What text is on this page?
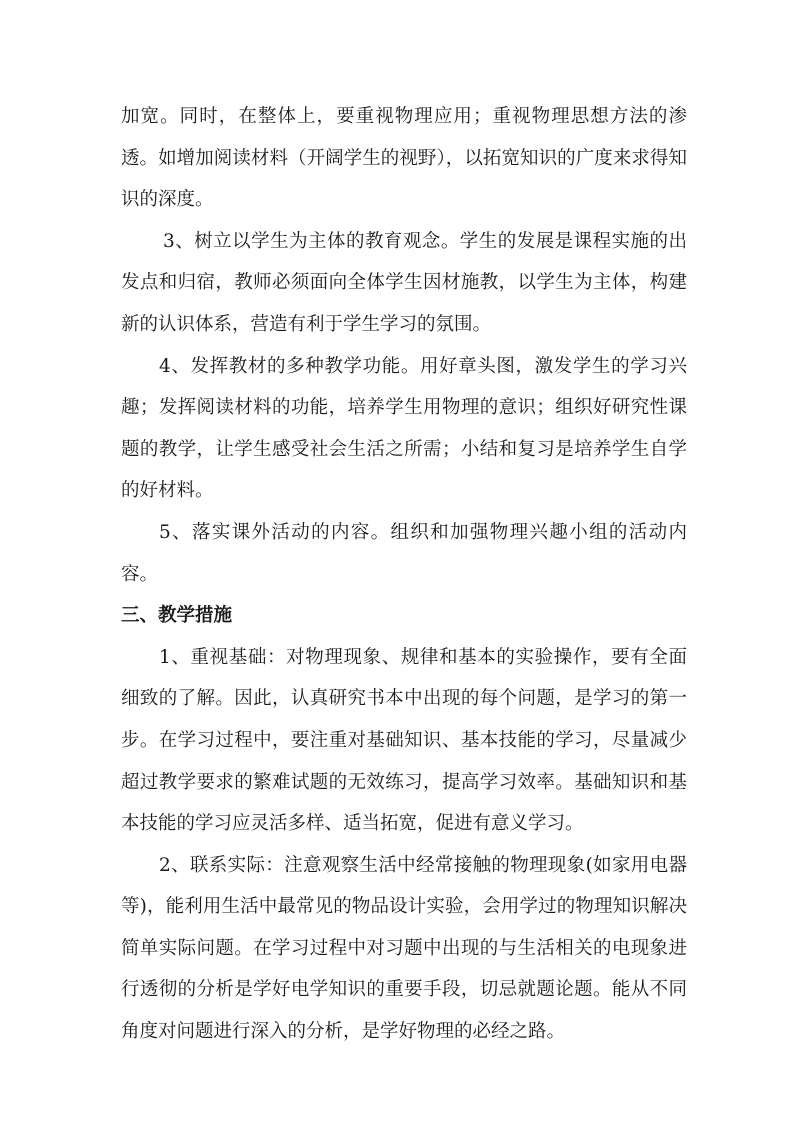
加宽。同时，在整体上，要重视物理应用；重视物理思想方法的渗透。如增加阅读材料（开阔学生的视野），以拓宽知识的广度来求得知识的深度。

3、树立以学生为主体的教育观念。学生的发展是课程实施的出发点和归宿，教师必须面向全体学生因材施教，以学生为主体，构建新的认识体系，营造有利于学生学习的氛围。

4、发挥教材的多种教学功能。用好章头图，激发学生的学习兴趣；发挥阅读材料的功能，培养学生用物理的意识；组织好研究性课题的教学，让学生感受社会生活之所需；小结和复习是培养学生自学的好材料。

5、落实课外活动的内容。组织和加强物理兴趣小组的活动内容。

三、教学措施

1、重视基础：对物理现象、规律和基本的实验操作，要有全面细致的了解。因此，认真研究书本中出现的每个问题，是学习的第一步。在学习过程中，要注重对基础知识、基本技能的学习，尽量减少超过教学要求的繁难试题的无效练习，提高学习效率。基础知识和基本技能的学习应灵活多样、适当拓宽，促进有意义学习。

2、联系实际：注意观察生活中经常接触的物理现象(如家用电器等)，能利用生活中最常见的物品设计实验，会用学过的物理知识解决简单实际问题。在学习过程中对习题中出现的与生活相关的电现象进行透彻的分析是学好电学知识的重要手段，切忌就题论题。能从不同角度对问题进行深入的分析，是学好物理的必经之路。
